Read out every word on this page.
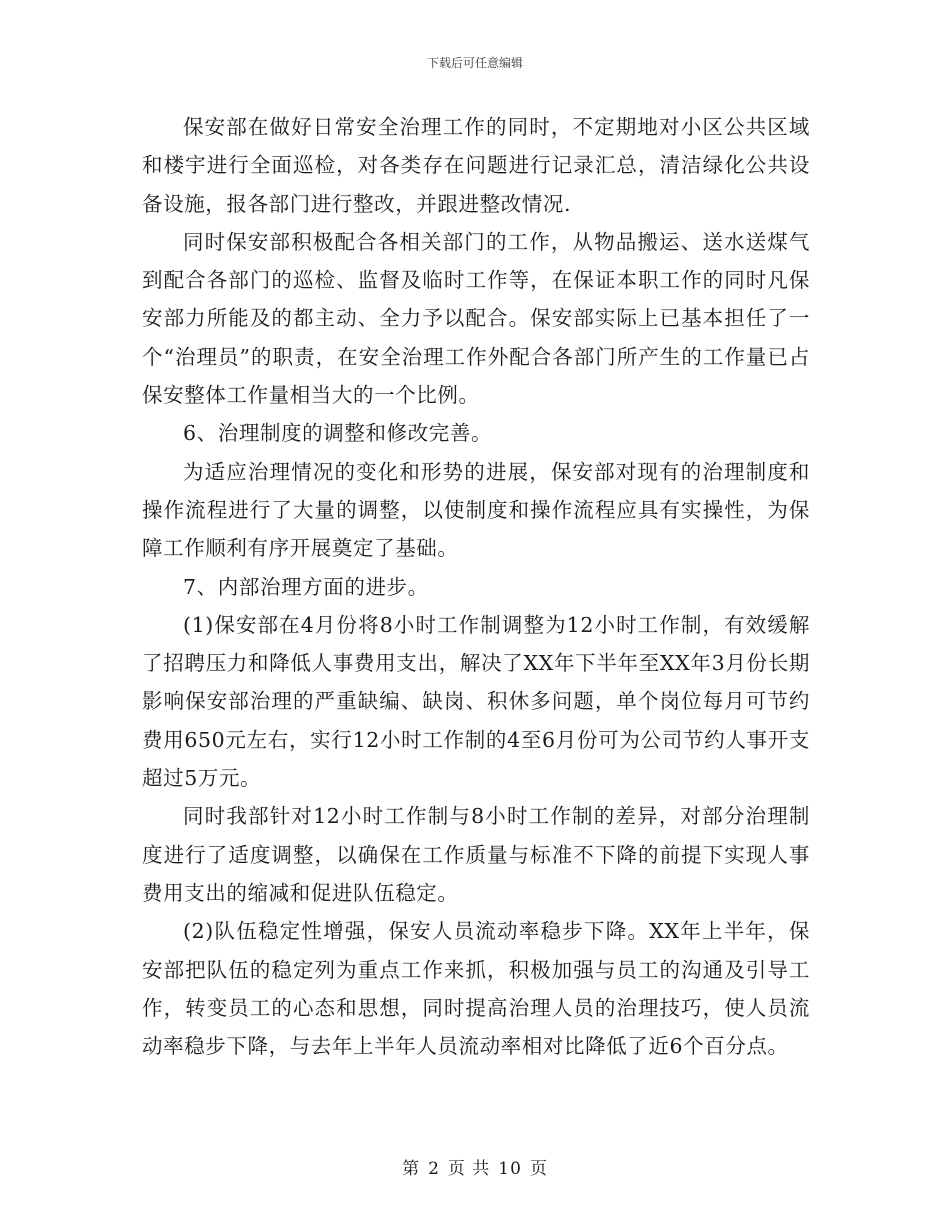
下载后可任意编辑

保安部在做好日常安全治理工作的同时，不定期地对小区公共区域和楼宇进行全面巡检，对各类存在问题进行记录汇总，清洁绿化公共设备设施，报各部门进行整改，并跟进整改情况.

同时保安部积极配合各相关部门的工作，从物品搬运、送水送煤气到配合各部门的巡检、监督及临时工作等，在保证本职工作的同时凡保安部力所能及的都主动、全力予以配合。保安部实际上已基本担任了一个“治理员”的职责，在安全治理工作外配合各部门所产生的工作量已占保安整体工作量相当大的一个比例。

6、治理制度的调整和修改完善。

为适应治理情况的变化和形势的进展，保安部对现有的治理制度和操作流程进行了大量的调整，以使制度和操作流程应具有实操性，为保障工作顺利有序开展奠定了基础。

7、内部治理方面的进步。

(1)保安部在4月份将8小时工作制调整为12小时工作制，有效缓解了招聘压力和降低人事费用支出，解决了XX年下半年至XX年3月份长期影响保安部治理的严重缺编、缺岗、积休多问题，单个岗位每月可节约费用650元左右，实行12小时工作制的4至6月份可为公司节约人事开支超过5万元。

同时我部针对12小时工作制与8小时工作制的差异，对部分治理制度进行了适度调整，以确保在工作质量与标准不下降的前提下实现人事费用支出的缩减和促进队伍稳定。

(2)队伍稳定性增强，保安人员流动率稳步下降。XX年上半年，保安部把队伍的稳定列为重点工作来抓，积极加强与员工的沟通及引导工作，转变员工的心态和思想，同时提高治理人员的治理技巧，使人员流动率稳步下降，与去年上半年人员流动率相对比降低了近6个百分点。

第 2 页 共 10 页
